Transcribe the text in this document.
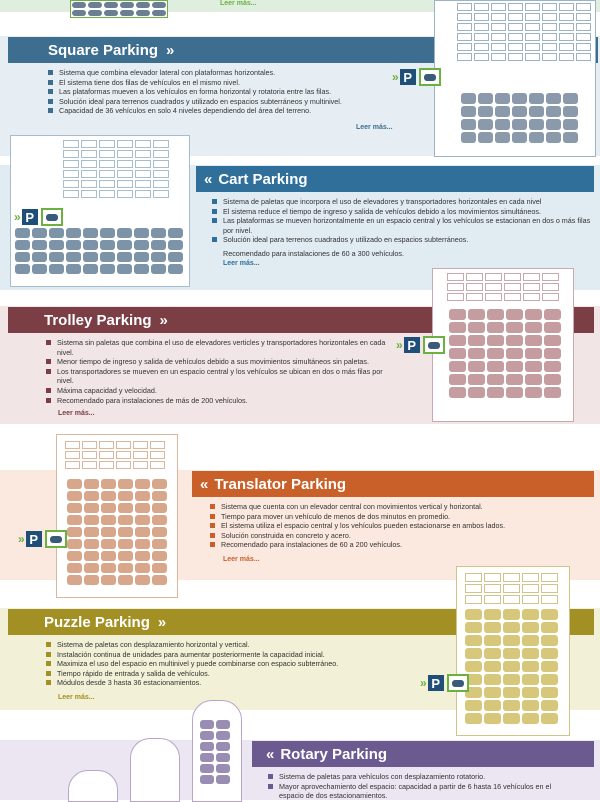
Leer más...
Square Parking »
Sistema que combina elevador lateral con plataformas horizontales.
El sistema tiene dos filas de vehículos en el mismo nivel.
Las plataformas mueven a los vehículos en forma horizontal y rotatoria entre las filas.
Solución ideal para terrenos cuadrados y utilizado en espacios subterráneos y multinivel.
Capacidad de 36 vehículos en solo 4 niveles dependiendo del área del terreno.
Leer más...
» P
» P
« Cart Parking
Sistema de paletas que incorpora el uso de elevadores y transportadores horizontales en cada nivel
El sistema reduce el tiempo de ingreso y salida de vehículos debido a los movimientos simultáneos.
Las plataformas se mueven horizontalmente en un espacio central y los vehículos se estacionan en dos o más filas por nivel.
Solución ideal para terrenos cuadrados y utilizado en espacios subterráneos.
Recomendado para instalaciones de 60 a 300 vehículos.
Leer más...
Trolley Parking »
Sistema sin paletas que combina el uso de elevadores verticles y transportadores horizontales en cada nivel.
Menor tiempo de ingreso y salida de vehículos debido a sus movimientos simultáneos sin paletas.
Los transportadores se mueven en un espacio central y los vehículos se ubican en dos o más filas por nivel.
Máxima capacidad y velocidad.
Recomendado para instalaciones de más de 200 vehículos.
Leer más...
» P
» P
« Translator Parking
Sistema que cuenta con un elevador central con movimientos vertical y horizontal.
Tiempo para mover un vehículo de menos de dos minutos en promedio.
El sistema utiliza el espacio central y los vehículos pueden estacionarse en ambos lados.
Solución construida en concreto y acero.
Recomendado para instalaciones de 60 a 200 vehículos.
Leer más...
Puzzle Parking »
Sistema de paletas con desplazamiento horizontal y vertical.
Instalación continua de unidades para aumentar posteriormente la capacidad inicial.
Maximiza el uso del espacio en multinivel y puede combinarse con espacio subterráneo.
Tiempo rápido de entrada y salida de vehículos.
Módulos desde 3 hasta 36 estacionamientos.
Leer más...
» P
« Rotary Parking
Sistema de paletas para vehículos con desplazamiento rotatorio.
Mayor aprovechamiento del espacio: capacidad a partir de 6 hasta 16 vehículos en el espacio de dos estacionamientos.
